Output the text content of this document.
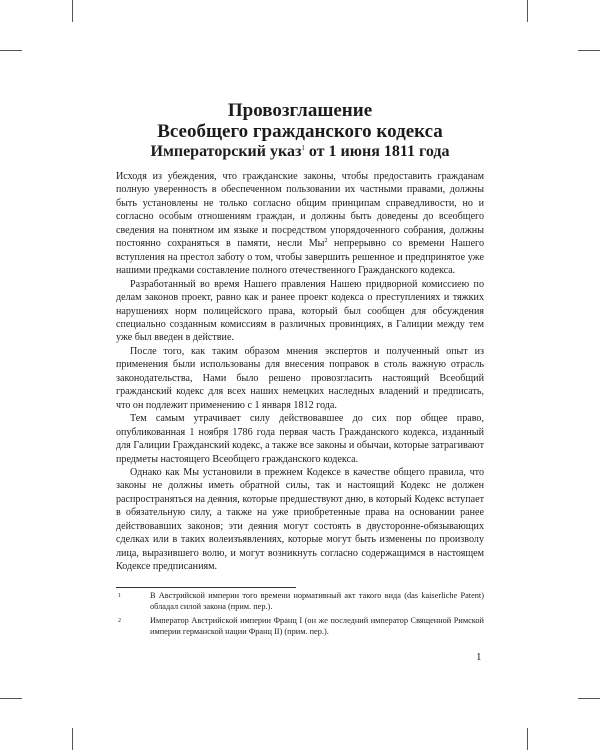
Провозглашение

Всеобщего гражданского кодекса

Императорский указ$^1$ от 1 июня 1811 года

Исходя из убеждения, что гражданские законы, чтобы предоставить гражданам полную уверенность в обеспеченном пользовании их частными правами, должны быть установлены не только согласно общим принципам справедливости, но и согласно особым отношениям граждан, и должны быть доведены до всеобщего сведения на понятном им языке и посредством упорядоченного собрания, должны постоянно сохраняться в памяти, несли $Мы^2$ непрерывно со времени Нашего вступления на престол заботу о том, чтобы завершить решенное и предпринятое уже нашими предками составление полного отечественного Гражданского кодекса.

Разработанный во время Нашего правления Нашею придворной комиссиею по делам законов проект, равно как и ранее проект кодекса о преступлениях и тяжких нарушениях норм полицейского права, который был сообщен для обсуждения специально созданным комиссиям в различных провинциях, в Галиции между тем уже был введен в действие.

После того, как таким образом мнения экспертов и полученный опыт из применения были использованы для внесения поправок в столь важную отрасль законодательства, Нами было решено провозгласить настоящий Всеобщий гражданский кодекс для всех наших немецких наследных владений и предписать, что он подлежит применению с 1 января 1812 года.

Тем самым утрачивает силу действовавшее до сих пор общее право, опубликованная 1 ноября 1786 года первая часть Гражданского кодекса, изданный для Галиции Гражданский кодекс, а также все законы и обычаи, которые затрагивают предметы настоящего Всеобщего гражданского кодекса.

Однако как Мы установили в прежнем Кодексе в качестве общего правила, что законы не должны иметь обратной силы, так и настоящий Кодекс не должен распространяться на деяния, которые предшествуют дню, в который Кодекс вступает в обязательную силу, а также на уже приобретенные права на основании ранее действовавших законов; эти деяния могут состоять в двусторонне-обязывающих сделках или в таких волеизъявлениях, которые могут быть изменены по произволу лица, выразившего волю, и могут возникнуть согласно содержащимся в настоящем Кодексе предписаниям.

1	В Австрийской империи того времени нормативный акт такого вида (das kaiserliche Patent) обладал силой закона (прим. пер.).

2	Император Австрийской империи Франц I (он же последний император Священной Римской империи германской нации Франц II) (прим. пер.).

1
